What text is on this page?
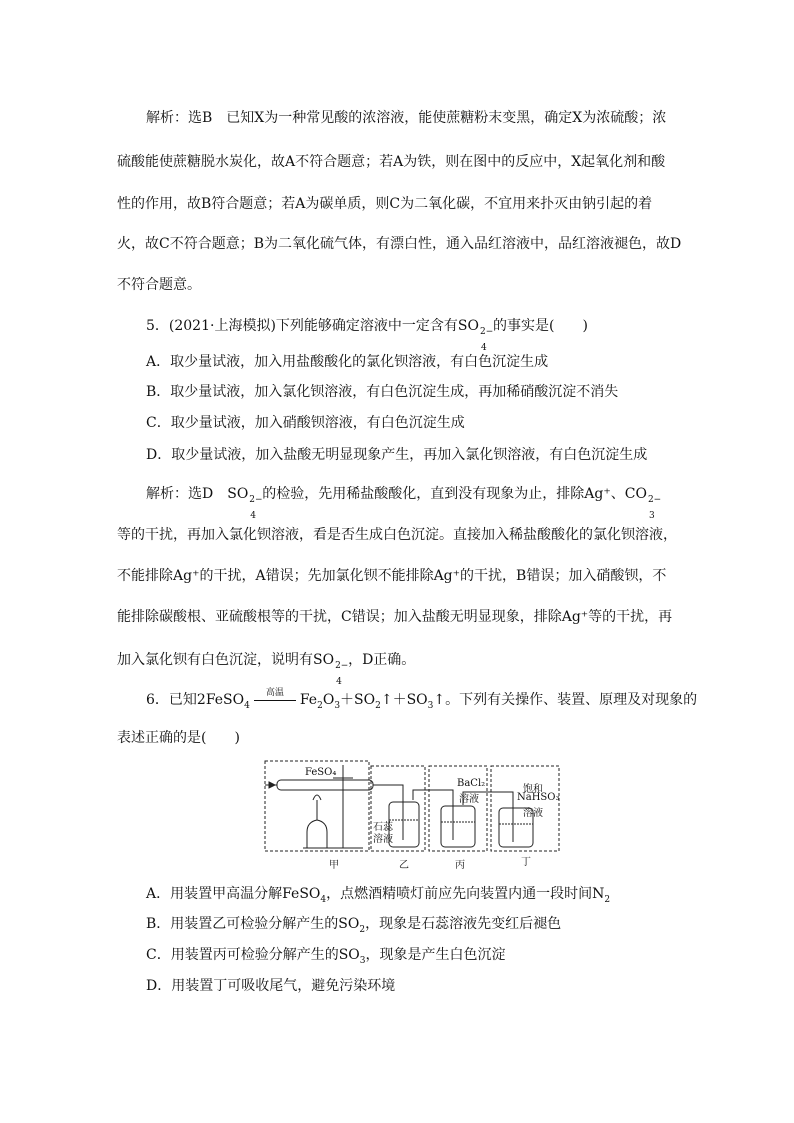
解析：选B　已知X为一种常见酸的浓溶液，能使蔗糖粉末变黑，确定X为浓硫酸；浓
硫酸能使蔗糖脱水炭化，故A不符合题意；若A为铁，则在图中的反应中，X起氧化剂和酸
性的作用，故B符合题意；若A为碳单质，则C为二氧化碳，不宜用来扑灭由钠引起的着
火，故C不符合题意；B为二氧化硫气体，有漂白性，通入品红溶液中，品红溶液褪色，故D
不符合题意。
5．(2021·上海模拟)下列能够确定溶液中一定含有SO 2−
4
的事实是(　　)
A．取少量试液，加入用盐酸酸化的氯化钡溶液，有白色沉淀生成
B．取少量试液，加入氯化钡溶液，有白色沉淀生成，再加稀硝酸沉淀不消失
C．取少量试液，加入硝酸钡溶液，有白色沉淀生成
D．取少量试液，加入盐酸无明显现象产生，再加入氯化钡溶液，有白色沉淀生成
解析：选D　SO 2−
4
的检验，先用稀盐酸酸化，直到没有现象为止，排除Ag⁺、CO 2−
3
等的干扰，再加入氯化钡溶液，看是否生成白色沉淀。直接加入稀盐酸酸化的氯化钡溶液，
不能排除Ag⁺的干扰，A错误；先加氯化钡不能排除Ag⁺的干扰，B错误；加入硝酸钡，不
能排除碳酸根、亚硫酸根等的干扰，C错误；加入盐酸无明显现象，排除Ag⁺等的干扰，再
加入氯化钡有白色沉淀，说明有SO 2−
4
，D正确。
6．已知2FeSO$_4$
高温	$Fe_2O_3+SO_2↑+SO_3↑$。下列有关操作、装置、原理及对现象的
表述正确的是(　　)
FeSO₄
石蕊
溶液
BaCl₂
溶液
饱和
NaHSO₃
溶液
甲	乙	丙	丁
A．用装置甲高温分解FeSO$_4$，点燃酒精喷灯前应先向装置内通一段时间$N_2$
B．用装置乙可检验分解产生的$SO_2$，现象是石蕊溶液先变红后褪色
C．用装置丙可检验分解产生的$SO_3$，现象是产生白色沉淀
D．用装置丁可吸收尾气，避免污染环境
